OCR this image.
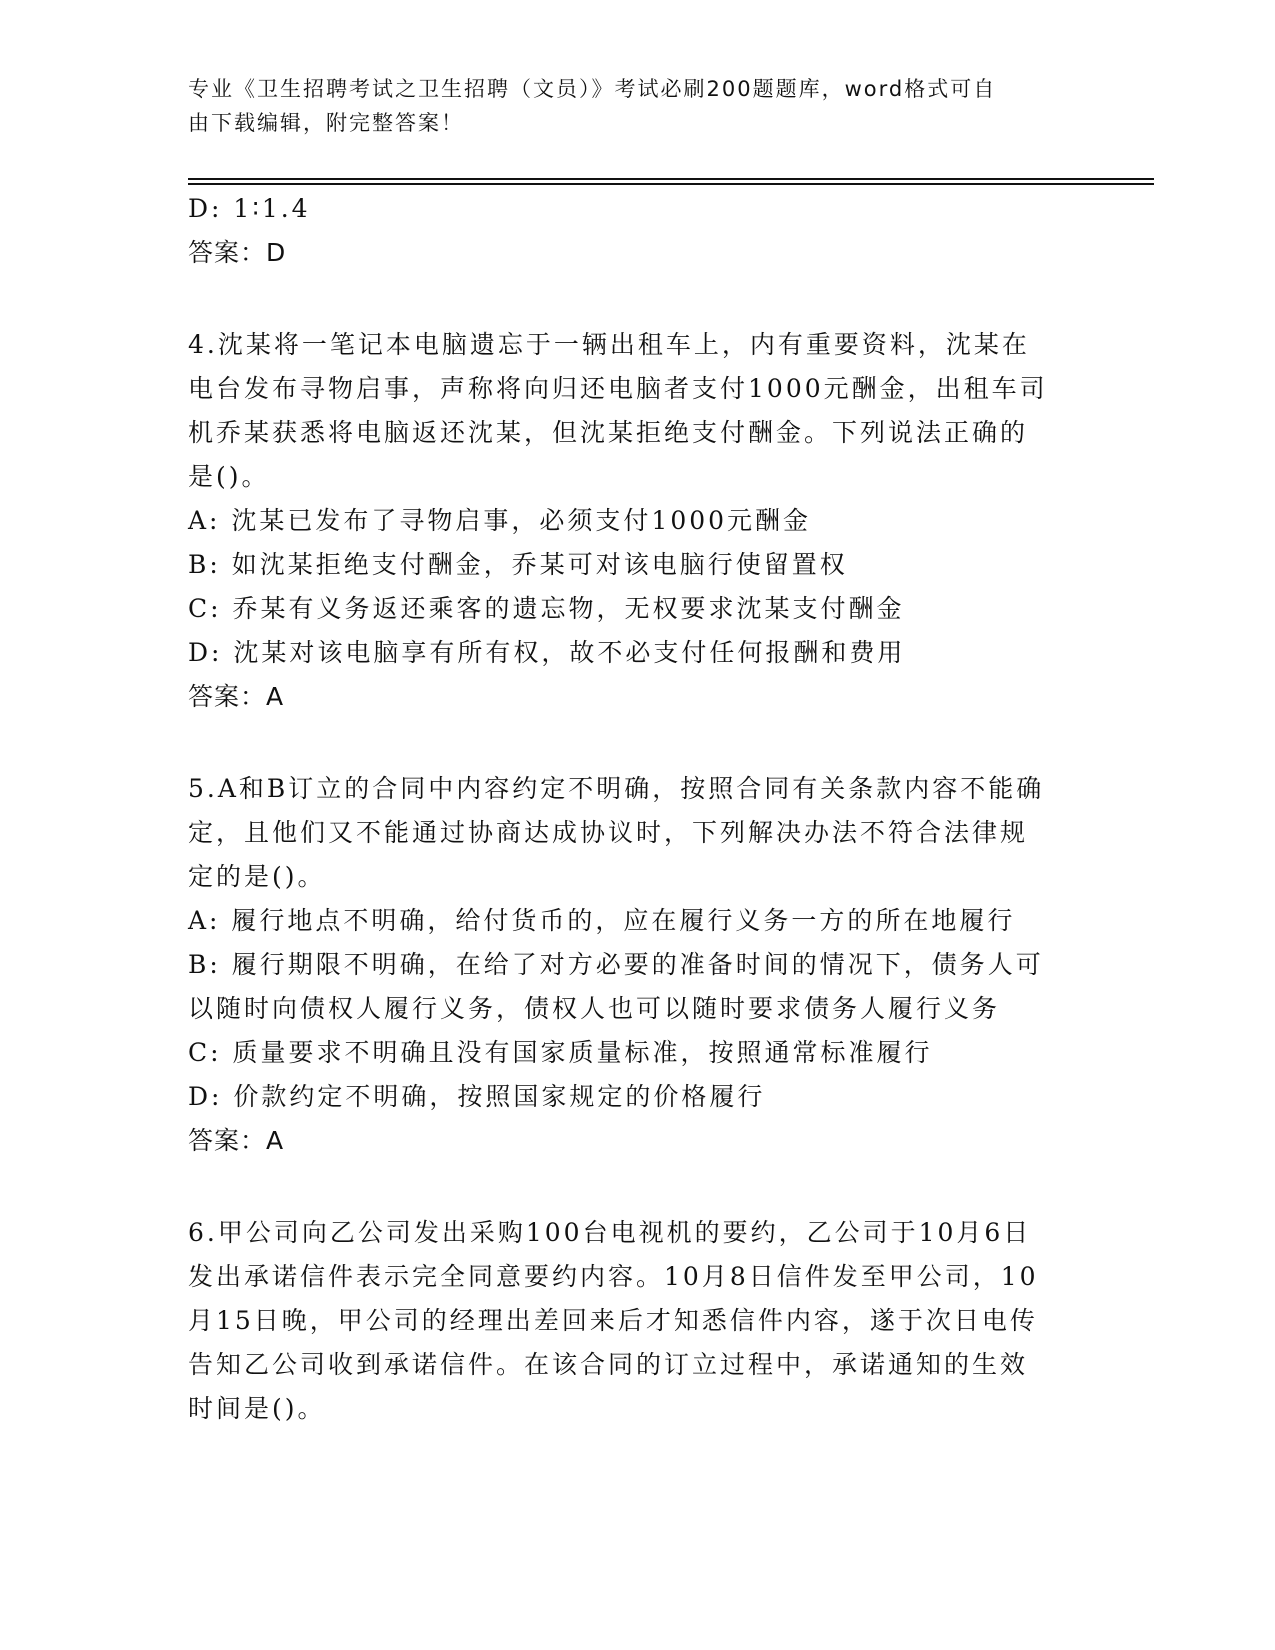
专业《卫生招聘考试之卫生招聘（文员）》考试必刷200题题库，word格式可自
由下载编辑，附完整答案！
D: 1∶1.4
答案：D
4.沈某将一笔记本电脑遗忘于一辆出租车上，内有重要资料，沈某在
电台发布寻物启事，声称将向归还电脑者支付1000元酬金，出租车司
机乔某获悉将电脑返还沈某，但沈某拒绝支付酬金。下列说法正确的
是()。
A: 沈某已发布了寻物启事，必须支付1000元酬金
B: 如沈某拒绝支付酬金，乔某可对该电脑行使留置权
C: 乔某有义务返还乘客的遗忘物，无权要求沈某支付酬金
D: 沈某对该电脑享有所有权，故不必支付任何报酬和费用
答案：A
5.A和B订立的合同中内容约定不明确，按照合同有关条款内容不能确
定，且他们又不能通过协商达成协议时，下列解决办法不符合法律规
定的是()。
A: 履行地点不明确，给付货币的，应在履行义务一方的所在地履行
B: 履行期限不明确，在给了对方必要的准备时间的情况下，债务人可
以随时向债权人履行义务，债权人也可以随时要求债务人履行义务
C: 质量要求不明确且没有国家质量标准，按照通常标准履行
D: 价款约定不明确，按照国家规定的价格履行
答案：A
6.甲公司向乙公司发出采购100台电视机的要约，乙公司于10月6日
发出承诺信件表示完全同意要约内容。10月8日信件发至甲公司，10
月15日晚，甲公司的经理出差回来后才知悉信件内容，遂于次日电传
告知乙公司收到承诺信件。在该合同的订立过程中，承诺通知的生效
时间是()。
